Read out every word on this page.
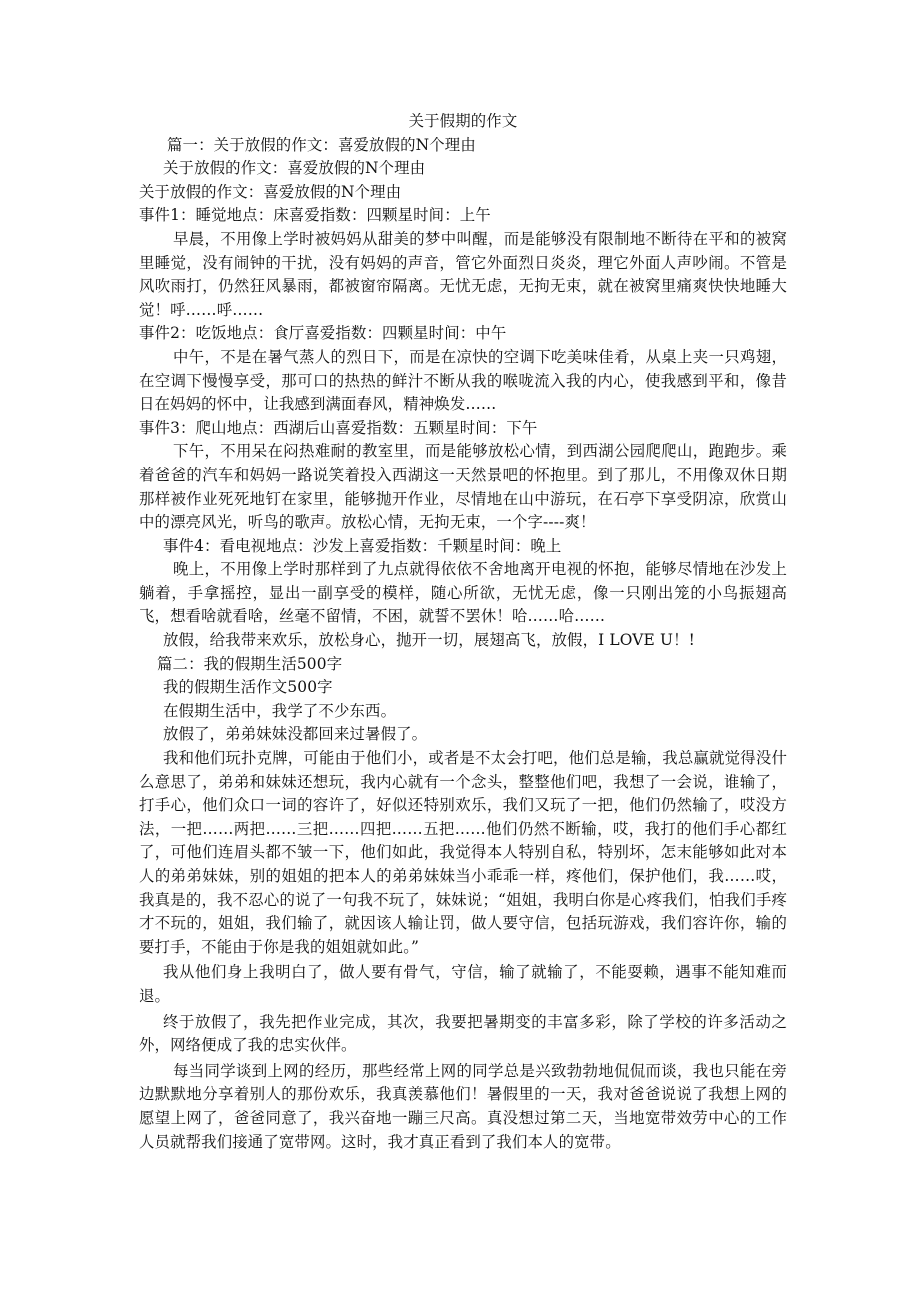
关于假期的作文

篇一：关于放假的作文：喜爱放假的N个理由

关于放假的作文：喜爱放假的N个理由

关于放假的作文：喜爱放假的N个理由

事件1：睡觉地点：床喜爱指数：四颗星时间：上午

早晨，不用像上学时被妈妈从甜美的梦中叫醒，而是能够没有限制地不断待在平和的被窝里睡觉，没有闹钟的干扰，没有妈妈的声音，管它外面烈日炎炎，理它外面人声吵闹。不管是风吹雨打，仍然狂风暴雨，都被窗帘隔离。无忧无虑，无拘无束，就在被窝里痛爽快快地睡大觉！呼……呼……

事件2：吃饭地点：食厅喜爱指数：四颗星时间：中午

中午，不是在暑气蒸人的烈日下，而是在凉快的空调下吃美味佳肴，从桌上夹一只鸡翅，在空调下慢慢享受，那可口的热热的鲜汁不断从我的喉咙流入我的内心，使我感到平和，像昔日在妈妈的怀中，让我感到满面春风，精神焕发……

事件3：爬山地点：西湖后山喜爱指数：五颗星时间：下午

下午，不用呆在闷热难耐的教室里，而是能够放松心情，到西湖公园爬爬山，跑跑步。乘着爸爸的汽车和妈妈一路说笑着投入西湖这一天然景吧的怀抱里。到了那儿，不用像双休日期那样被作业死死地钉在家里，能够抛开作业，尽情地在山中游玩，在石亭下享受阴凉，欣赏山中的漂亮风光，听鸟的歌声。放松心情，无拘无束，一个字----爽！

事件4：看电视地点：沙发上喜爱指数：千颗星时间：晚上

晚上，不用像上学时那样到了九点就得依依不舍地离开电视的怀抱，能够尽情地在沙发上躺着，手拿摇控，显出一副享受的模样，随心所欲，无忧无虑，像一只刚出笼的小鸟振翅高飞，想看啥就看啥，丝毫不留情，不困，就誓不罢休！哈……哈……

放假，给我带来欢乐，放松身心，抛开一切，展翅高飞，放假，I LOVE U！!

篇二：我的假期生活500字

我的假期生活作文500字

在假期生活中，我学了不少东西。

放假了，弟弟妹妹没都回来过暑假了。

我和他们玩扑克牌，可能由于他们小，或者是不太会打吧，他们总是输，我总赢就觉得没什么意思了，弟弟和妹妹还想玩，我内心就有一个念头，整整他们吧，我想了一会说，谁输了，打手心，他们众口一词的容许了，好似还特别欢乐，我们又玩了一把，他们仍然输了，哎没方法，一把……两把……三把……四把……五把……他们仍然不断输，哎，我打的他们手心都红了，可他们连眉头都不皱一下，他们如此，我觉得本人特别自私，特别坏，怎末能够如此对本人的弟弟妹妹，别的姐姐的把本人的弟弟妹妹当小乖乖一样，疼他们，保护他们，我……哎，我真是的，我不忍心的说了一句我不玩了，妹妹说；“姐姐，我明白你是心疼我们，怕我们手疼才不玩的，姐姐，我们输了，就因该人输让罚，做人要守信，包括玩游戏，我们容许你，输的要打手，不能由于你是我的姐姐就如此。”

我从他们身上我明白了，做人要有骨气，守信，输了就输了，不能耍赖，遇事不能知难而退。

终于放假了，我先把作业完成，其次，我要把暑期变的丰富多彩，除了学校的许多活动之外，网络便成了我的忠实伙伴。

每当同学谈到上网的经历，那些经常上网的同学总是兴致勃勃地侃侃而谈，我也只能在旁边默默地分享着别人的那份欢乐，我真羡慕他们！暑假里的一天，我对爸爸说说了我想上网的愿望上网了，爸爸同意了，我兴奋地一蹦三尺高。真没想过第二天，当地宽带效劳中心的工作人员就帮我们接通了宽带网。这时，我才真正看到了我们本人的宽带。
